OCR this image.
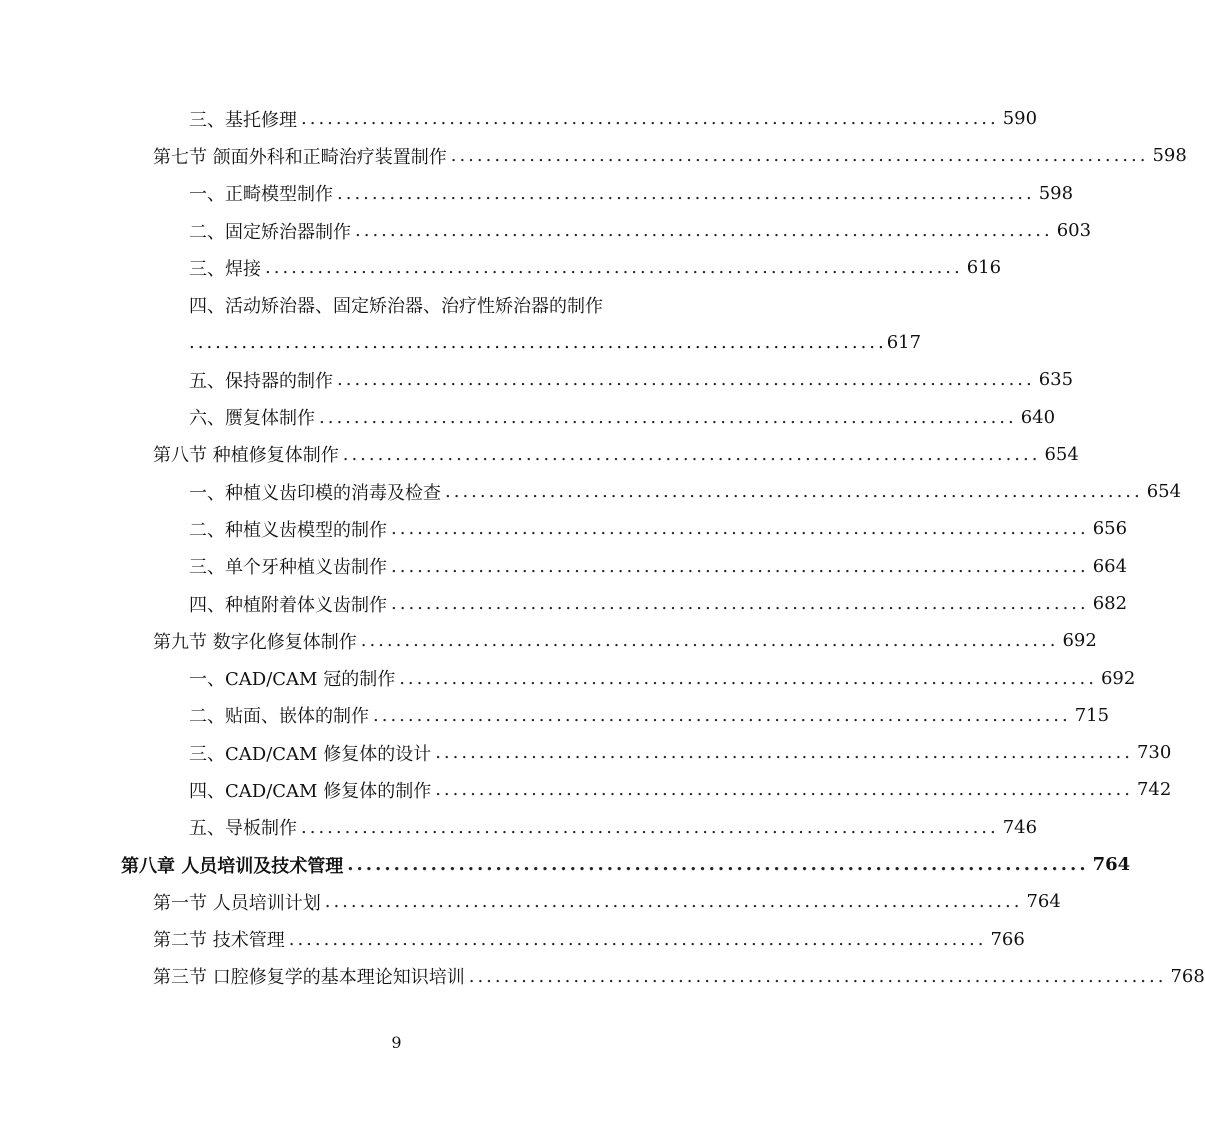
三、基托修理 ................................................................................ 590
第七节 颌面外科和正畸治疗装置制作 ................................................................................ 598
一、正畸模型制作 ................................................................................ 598
二、固定矫治器制作 ................................................................................ 603
三、焊接 ................................................................................ 616
四、活动矫治器、固定矫治器、治疗性矫治器的制作
................................................................................ 617
五、保持器的制作 ................................................................................ 635
六、赝复体制作 ................................................................................ 640
第八节 种植修复体制作 ................................................................................ 654
一、种植义齿印模的消毒及检查 ................................................................................ 654
二、种植义齿模型的制作 ................................................................................ 656
三、单个牙种植义齿制作 ................................................................................ 664
四、种植附着体义齿制作 ................................................................................ 682
第九节 数字化修复体制作 ................................................................................ 692
一、CAD/CAM 冠的制作 ................................................................................ 692
二、贴面、嵌体的制作 ................................................................................ 715
三、CAD/CAM 修复体的设计 ................................................................................ 730
四、CAD/CAM 修复体的制作 ................................................................................ 742
五、导板制作 ................................................................................ 746
第八章 人员培训及技术管理 ................................................................................ 764
第一节 人员培训计划 ................................................................................ 764
第二节 技术管理 ................................................................................ 766
第三节 口腔修复学的基本理论知识培训 ................................................................................ 768
9
